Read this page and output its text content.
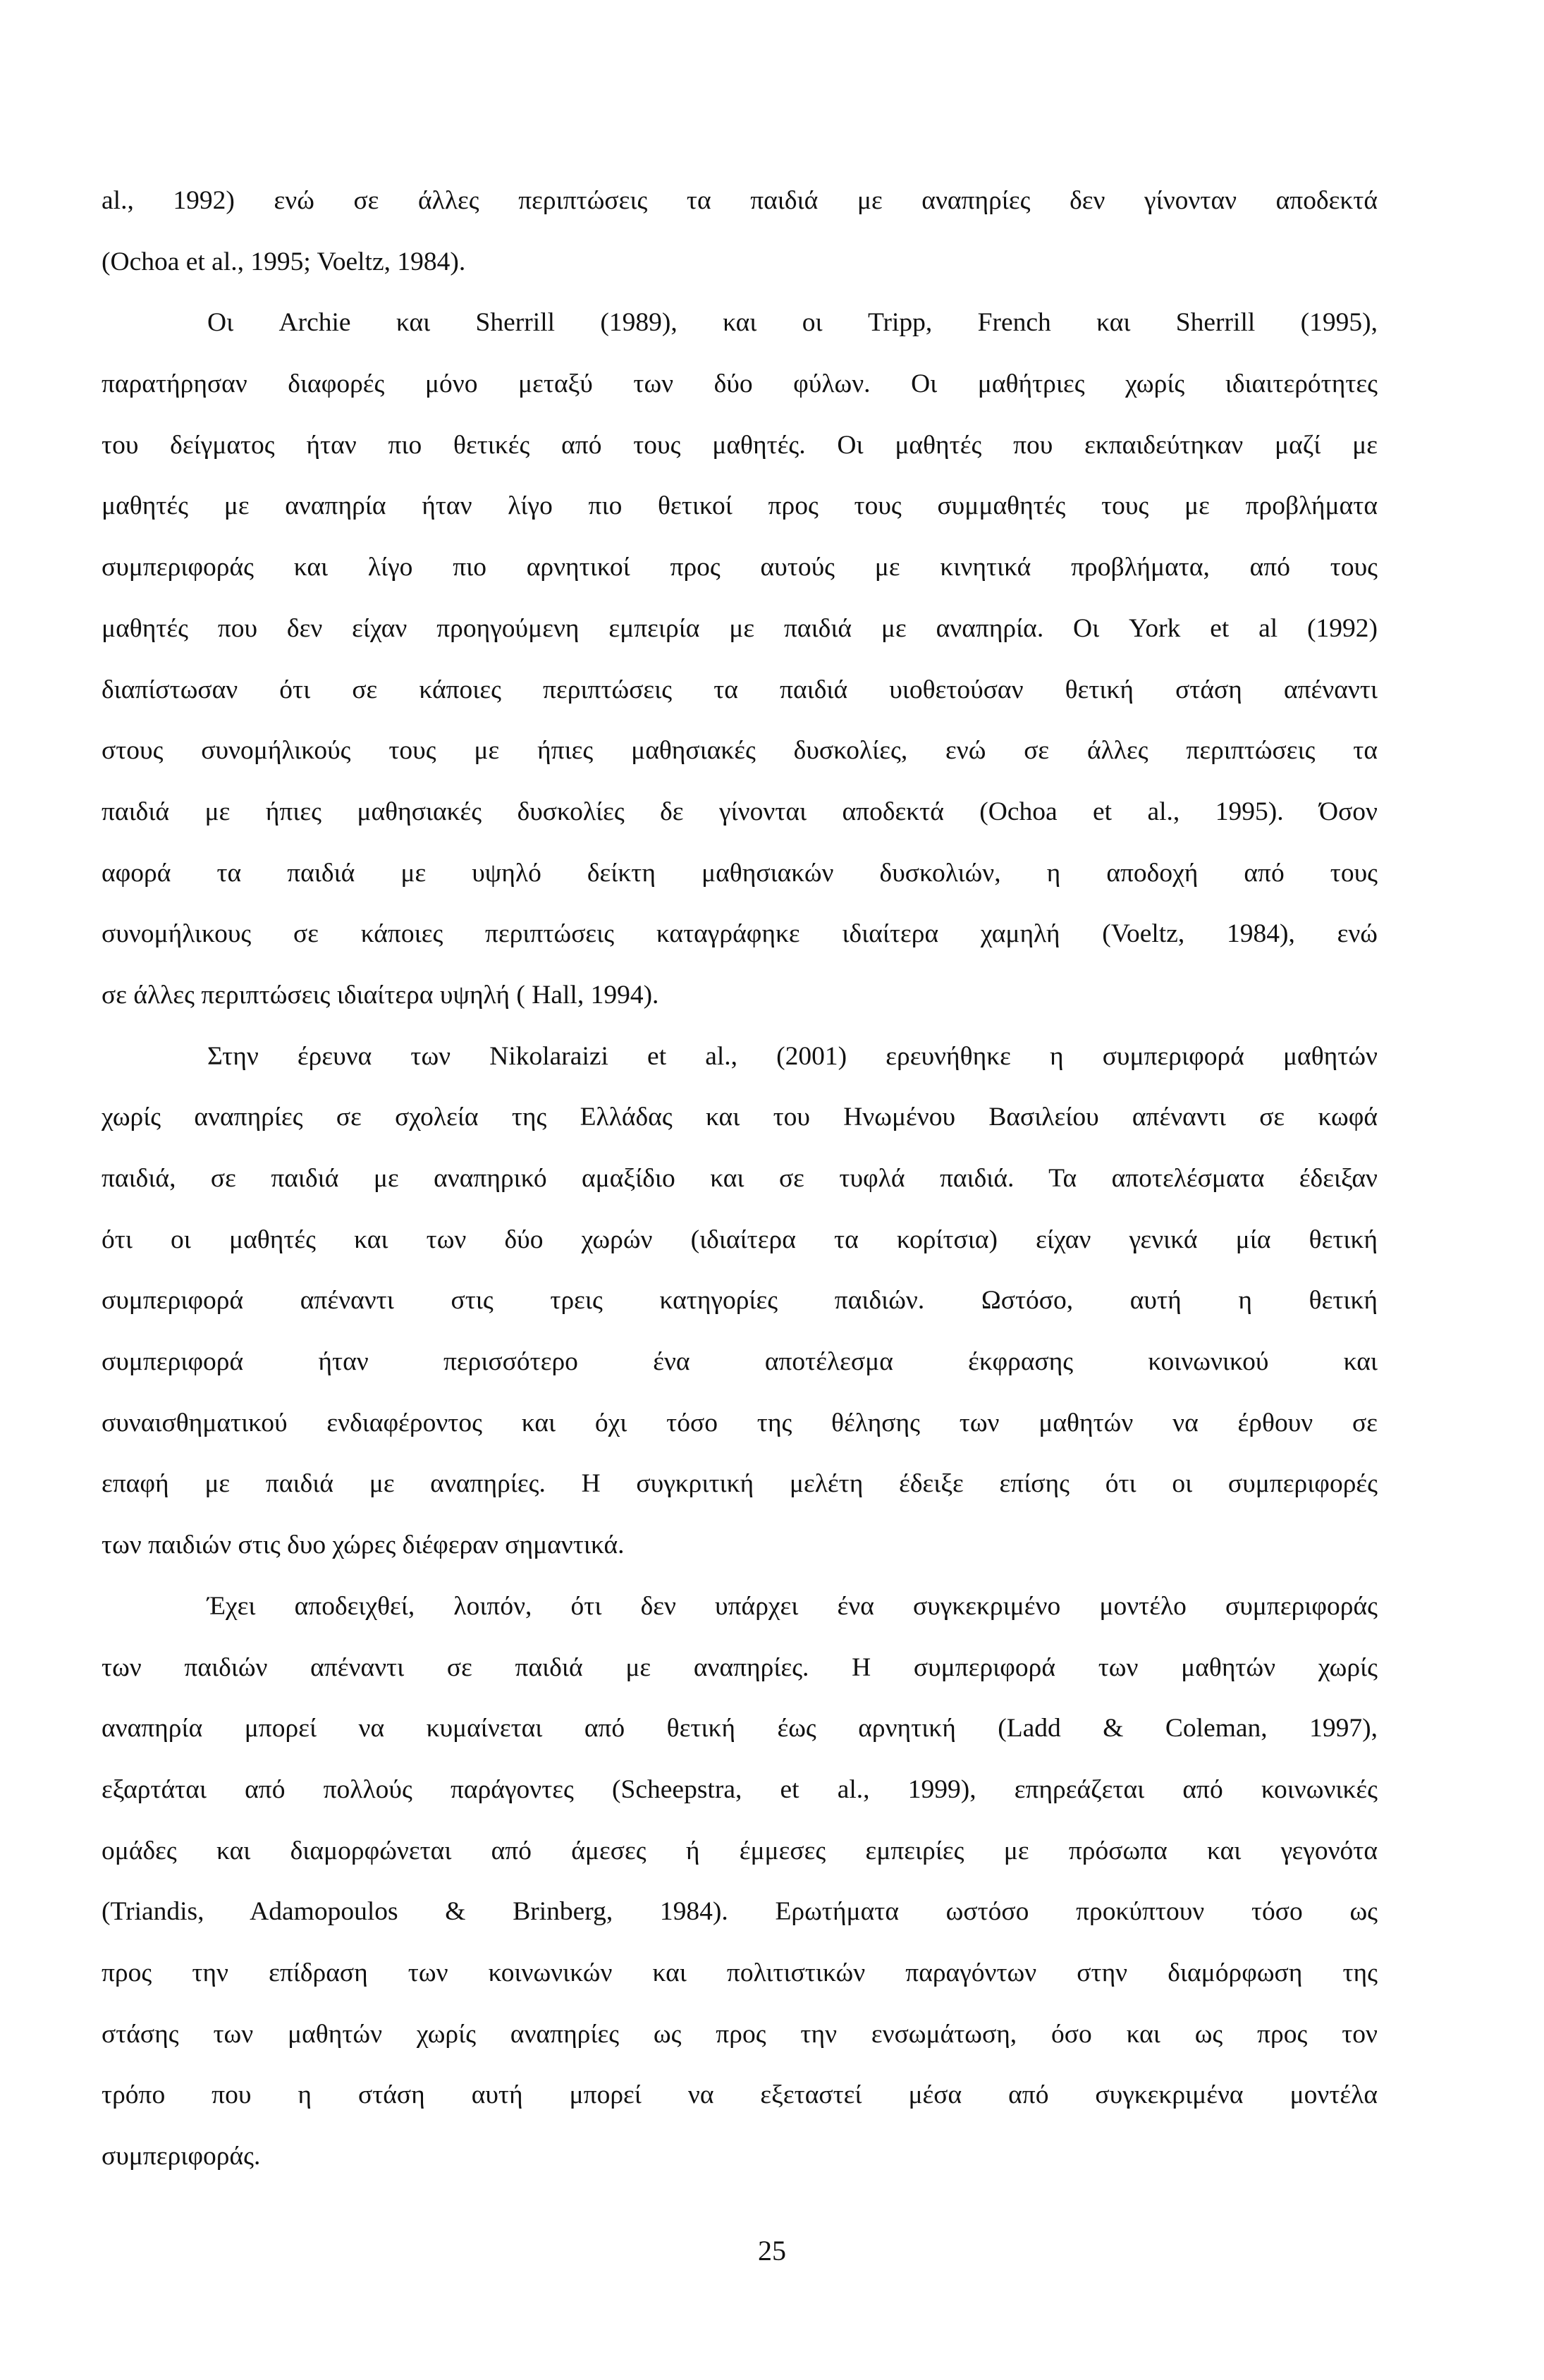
al., 1992) ενώ σε άλλες περιπτώσεις τα παιδιά με αναπηρίες δεν γίνονταν αποδεκτά
(Ochoa et al., 1995; Voeltz, 1984).
Οι Archie και Sherrill (1989), και οι Tripp, French και Sherrill (1995),
παρατήρησαν διαφορές μόνο μεταξύ των δύο φύλων. Οι μαθήτριες χωρίς ιδιαιτερότητες
του δείγματος ήταν πιο θετικές από τους μαθητές. Οι μαθητές που εκπαιδεύτηκαν μαζί με
μαθητές με αναπηρία ήταν λίγο πιο θετικοί προς τους συμμαθητές τους με προβλήματα
συμπεριφοράς και λίγο πιο αρνητικοί προς αυτούς με κινητικά προβλήματα, από τους
μαθητές που δεν είχαν προηγούμενη εμπειρία με παιδιά με αναπηρία. Οι York et al (1992)
διαπίστωσαν ότι σε κάποιες περιπτώσεις τα παιδιά υιοθετούσαν θετική στάση απέναντι
στους συνομήλικούς τους με ήπιες μαθησιακές δυσκολίες, ενώ σε άλλες περιπτώσεις τα
παιδιά με ήπιες μαθησιακές δυσκολίες δε γίνονται αποδεκτά (Ochoa et al., 1995). Όσον
αφορά τα παιδιά με υψηλό δείκτη μαθησιακών δυσκολιών, η αποδοχή από τους
συνομήλικους σε κάποιες περιπτώσεις καταγράφηκε ιδιαίτερα χαμηλή (Voeltz, 1984), ενώ
σε άλλες περιπτώσεις ιδιαίτερα υψηλή ( Hall, 1994).
Στην έρευνα των Nikolaraizi et al., (2001) ερευνήθηκε η συμπεριφορά μαθητών
χωρίς αναπηρίες σε σχολεία της Ελλάδας και του Ηνωμένου Βασιλείου απέναντι σε κωφά
παιδιά, σε παιδιά με αναπηρικό αμαξίδιο και σε τυφλά παιδιά. Τα αποτελέσματα έδειξαν
ότι οι μαθητές και των δύο χωρών (ιδιαίτερα τα κορίτσια) είχαν γενικά μία θετική
συμπεριφορά απέναντι στις τρεις κατηγορίες παιδιών. Ωστόσο, αυτή η θετική
συμπεριφορά ήταν περισσότερο ένα αποτέλεσμα έκφρασης κοινωνικού και
συναισθηματικού ενδιαφέροντος και όχι τόσο της θέλησης των μαθητών να έρθουν σε
επαφή με παιδιά με αναπηρίες. Η συγκριτική μελέτη έδειξε επίσης ότι οι συμπεριφορές
των παιδιών στις δυο χώρες διέφεραν σημαντικά.
Έχει αποδειχθεί, λοιπόν, ότι δεν υπάρχει ένα συγκεκριμένο μοντέλο συμπεριφοράς
των παιδιών απέναντι σε παιδιά με αναπηρίες. Η συμπεριφορά των μαθητών χωρίς
αναπηρία μπορεί να κυμαίνεται από θετική έως αρνητική (Ladd & Coleman, 1997),
εξαρτάται από πολλούς παράγοντες (Scheepstra, et al., 1999), επηρεάζεται από κοινωνικές
ομάδες και διαμορφώνεται από άμεσες ή έμμεσες εμπειρίες με πρόσωπα και γεγονότα
(Triandis, Adamopoulos & Brinberg, 1984). Ερωτήματα ωστόσο προκύπτουν τόσο ως
προς την επίδραση των κοινωνικών και πολιτιστικών παραγόντων στην διαμόρφωση της
στάσης των μαθητών χωρίς αναπηρίες ως προς την ενσωμάτωση, όσο και ως προς τον
τρόπο που η στάση αυτή μπορεί να εξεταστεί μέσα από συγκεκριμένα μοντέλα
συμπεριφοράς.
25
